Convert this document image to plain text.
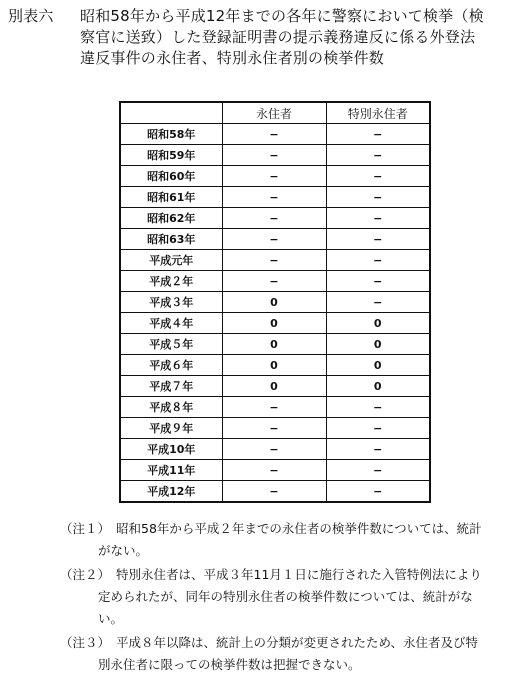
別表六 昭和58年から平成12年までの各年に警察において検挙（検
察官に送致）した登録証明書の提示義務違反に係る外登法
違反事件の永住者、特別永住者別の検挙件数
	永住者	特別永住者
昭和58年	−	−
昭和59年	−	−
昭和60年	−	−
昭和61年	−	−
昭和62年	−	−
昭和63年	−	−
平成元年	−	−
平成２年	−	−
平成３年	0	−
平成４年	0	0
平成５年	0	0
平成６年	0	0
平成７年	0	0
平成８年	−	−
平成９年	−	−
平成10年	−	−
平成11年	−	−
平成12年	−	−
（注１） 昭和58年から平成２年までの永住者の検挙件数については、統計
がない。
（注２） 特別永住者は、平成３年11月１日に施行された入管特例法により
定められたが、同年の特別永住者の検挙件数については、統計がな
い。
（注３） 平成８年以降は、統計上の分類が変更されたため、永住者及び特
別永住者に限っての検挙件数は把握できない。
